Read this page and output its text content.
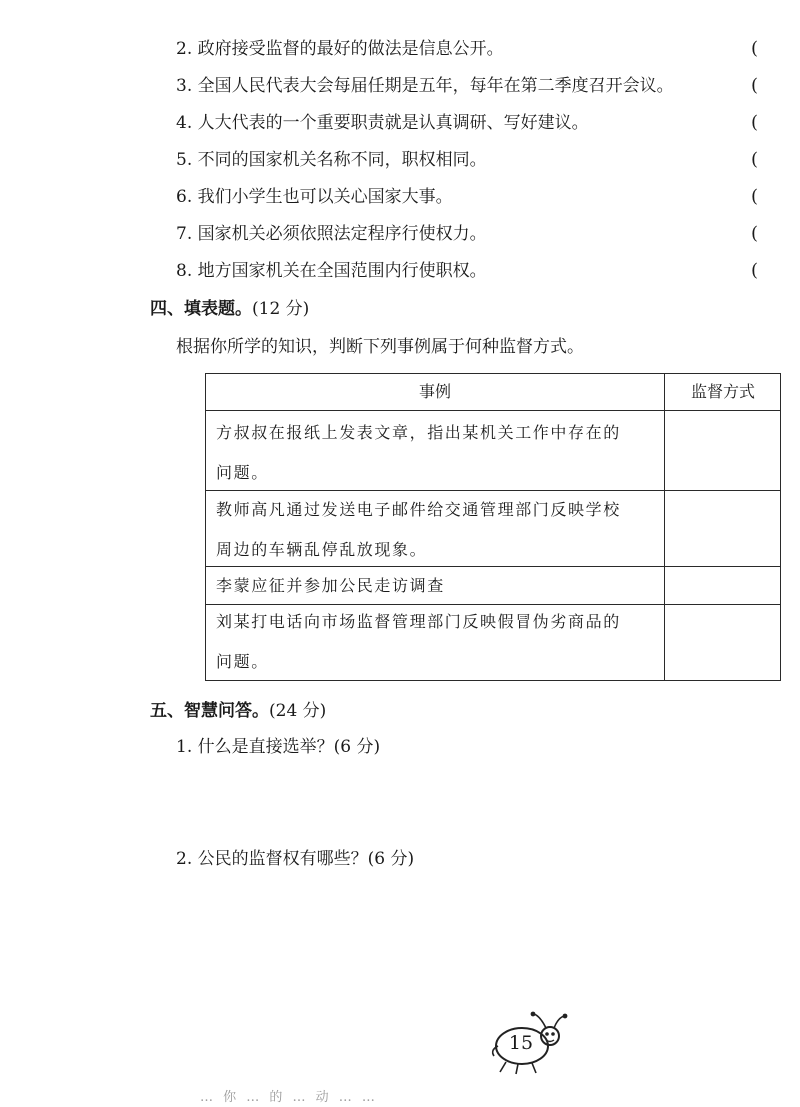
2. 政府接受监督的最好的做法是信息公开。	(
3. 全国人民代表大会每届任期是五年，每年在第二季度召开会议。	(
4. 人大代表的一个重要职责就是认真调研、写好建议。	(
5. 不同的国家机关名称不同，职权相同。	(
6. 我们小学生也可以关心国家大事。	(
7. 国家机关必须依照法定程序行使权力。	(
8. 地方国家机关在全国范围内行使职权。	(
四、填表题。(12 分)
根据你所学的知识，判断下列事例属于何种监督方式。
事例	监督方式
方叔叔在报纸上发表文章，指出某机关工作中存在的
问题。
教师高凡通过发送电子邮件给交通管理部门反映学校
周边的车辆乱停乱放现象。
李蒙应征并参加公民走访调查
刘某打电话向市场监督管理部门反映假冒伪劣商品的
问题。
五、智慧问答。(24 分)
1. 什么是直接选举？(6 分)
2. 公民的监督权有哪些？(6 分)
15
… 你 … 的 … 动 … …
